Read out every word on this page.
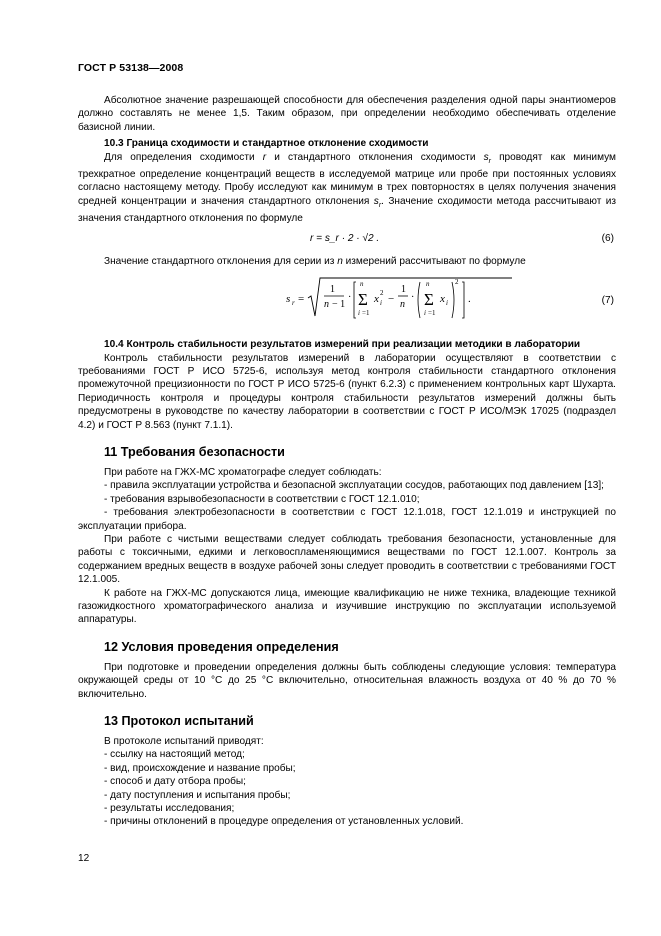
ГОСТ Р 53138—2008

Абсолютное значение разрешающей способности для обеспечения разделения одной пары энантиомеров должно составлять не менее 1,5. Таким образом, при определении необходимо обеспечивать отделение базисной линии.

10.3 Граница сходимости и стандартное отклонение сходимости

Для определения сходимости r и стандартного отклонения сходимости $s_r$ проводят как минимум трехкратное определение концентраций веществ в исследуемой матрице или пробе при постоянных условиях согласно настоящему методу. Пробу исследуют как минимум в трех повторностях в целях получения значения средней концентрации и значения стандартного отклонения $s_r$. Значение сходимости метода рассчитывают из значения стандартного отклонения по формуле

r = s_r · 2 · √2 .	(6)

Значение стандартного отклонения для серии из n измерений рассчитывают по формуле

s r =
1
n − 1
·
n
Σ
i =1
x i
2 −
1
n
·
n
Σ
i =1
x i
2
.	(7)

10.4 Контроль стабильности результатов измерений при реализации методики в лаборатории

Контроль стабильности результатов измерений в лаборатории осуществляют в соответствии с требованиями ГОСТ Р ИСО 5725-6, используя метод контроля стабильности стандартного отклонения промежуточной прецизионности по ГОСТ Р ИСО 5725-6 (пункт 6.2.3) с применением контрольных карт Шухарта. Периодичность контроля и процедуры контроля стабильности результатов измерений должны быть предусмотрены в руководстве по качеству лаборатории в соответствии с ГОСТ Р ИСО/МЭК 17025 (подраздел 4.2) и ГОСТ Р 8.563 (пункт 7.1.1).

11 Требования безопасности

При работе на ГЖХ-МС хроматографе следует соблюдать:

- правила эксплуатации устройства и безопасной эксплуатации сосудов, работающих под давлением [13];

- требования взрывобезопасности в соответствии с ГОСТ 12.1.010;

- требования электробезопасности в соответствии с ГОСТ 12.1.018, ГОСТ 12.1.019 и инструкцией по эксплуатации прибора.

При работе с чистыми веществами следует соблюдать требования безопасности, установленные для работы с токсичными, едкими и легковоспламеняющимися веществами по ГОСТ 12.1.007. Контроль за содержанием вредных веществ в воздухе рабочей зоны следует проводить в соответствии с требованиями ГОСТ 12.1.005.

К работе на ГЖХ-МС допускаются лица, имеющие квалификацию не ниже техника, владеющие техникой газожидкостного хроматографического анализа и изучившие инструкцию по эксплуатации используемой аппаратуры.

12 Условия проведения определения

При подготовке и проведении определения должны быть соблюдены следующие условия: температура окружающей среды от 10 °С до 25 °С включительно, относительная влажность воздуха от 40 % до 70 % включительно.

13 Протокол испытаний

В протоколе испытаний приводят:

- ссылку на настоящий метод;

- вид, происхождение и название пробы;

- способ и дату отбора пробы;

- дату поступления и испытания пробы;

- результаты исследования;

- причины отклонений в процедуре определения от установленных условий.

12
